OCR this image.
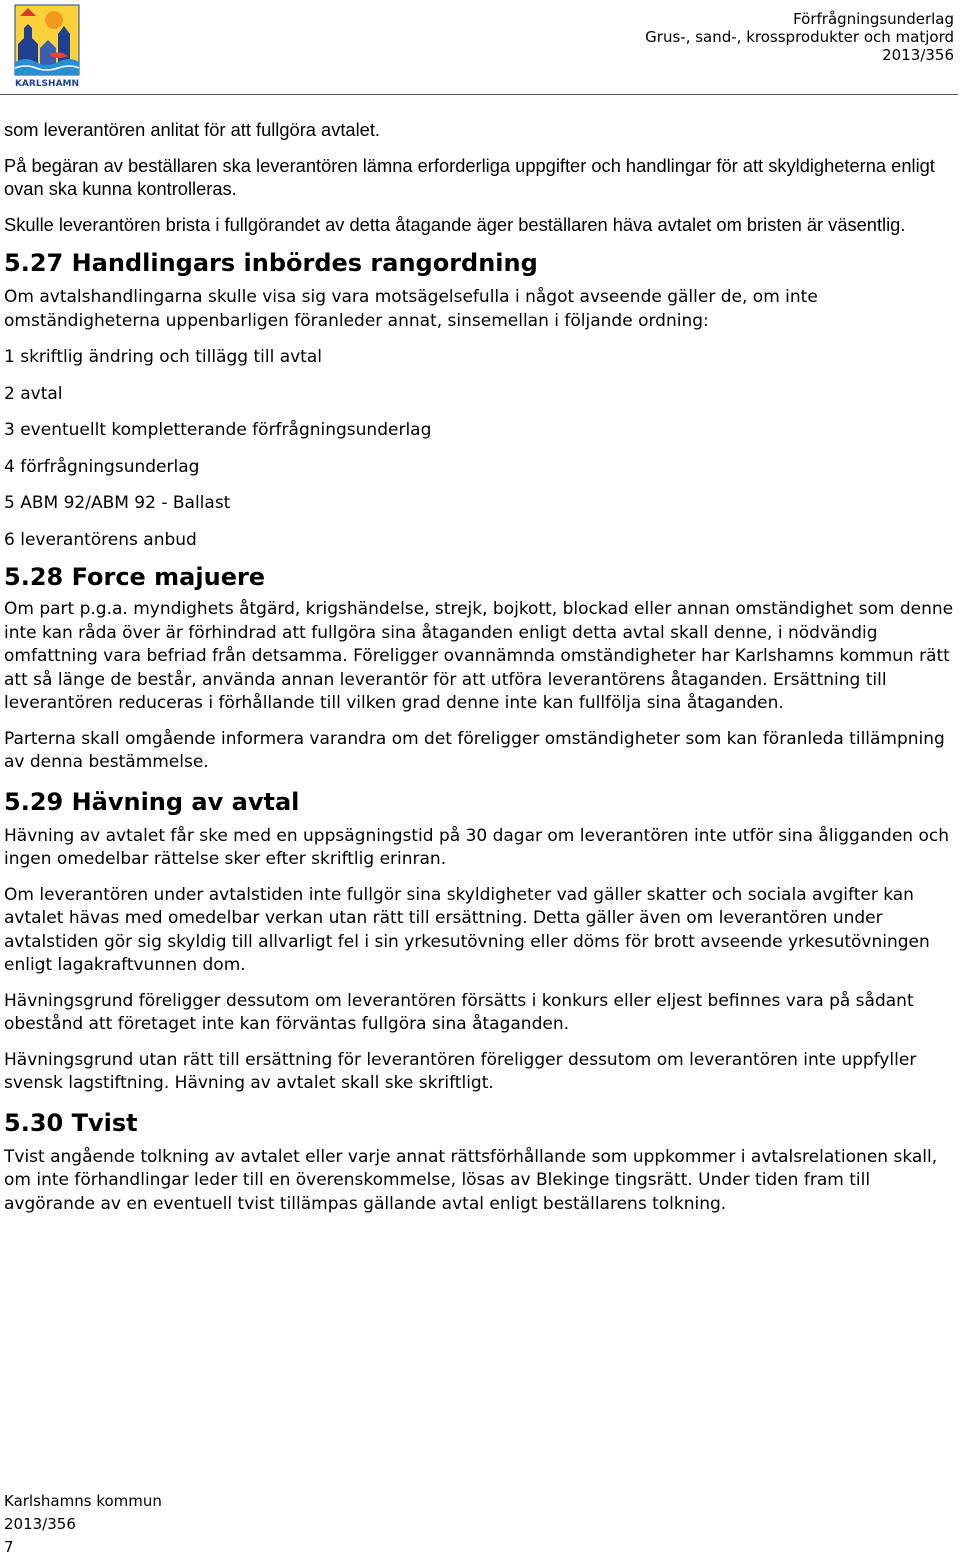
KARLSHAMN
Förfrågningsunderlag
Grus-, sand-, krossprodukter och matjord
2013/356

som leverantören anlitat för att fullgöra avtalet.

På begäran av beställaren ska leverantören lämna erforderliga uppgifter och handlingar för att skyldigheterna enligt ovan ska kunna kontrolleras.

Skulle leverantören brista i fullgörandet av detta åtagande äger beställaren häva avtalet om bristen är väsentlig.

5.27 Handlingars inbördes rangordning

Om avtalshandlingarna skulle visa sig vara motsägelsefulla i något avseende gäller de, om inte omständigheterna uppenbarligen föranleder annat, sinsemellan i följande ordning:

1 skriftlig ändring och tillägg till avtal

2 avtal

3 eventuellt kompletterande förfrågningsunderlag

4 förfrågningsunderlag

5 ABM 92/ABM 92 - Ballast

6 leverantörens anbud

5.28 Force majuere

Om part p.g.a. myndighets åtgärd, krigshändelse, strejk, bojkott, blockad eller annan omständighet som denne inte kan råda över är förhindrad att fullgöra sina åtaganden enligt detta avtal skall denne, i nödvändig omfattning vara befriad från detsamma. Föreligger ovannämnda omständigheter har Karlshamns kommun rätt att så länge de består, använda annan leverantör för att utföra leverantörens åtaganden. Ersättning till leverantören reduceras i förhållande till vilken grad denne inte kan fullfölja sina åtaganden.

Parterna skall omgående informera varandra om det föreligger omständigheter som kan föranleda tillämpning av denna bestämmelse.

5.29 Hävning av avtal

Hävning av avtalet får ske med en uppsägningstid på 30 dagar om leverantören inte utför sina åligganden och ingen omedelbar rättelse sker efter skriftlig erinran.

Om leverantören under avtalstiden inte fullgör sina skyldigheter vad gäller skatter och sociala avgifter kan avtalet hävas med omedelbar verkan utan rätt till ersättning. Detta gäller även om leverantören under avtalstiden gör sig skyldig till allvarligt fel i sin yrkesutövning eller döms för brott avseende yrkesutövningen enligt lagakraftvunnen dom.

Hävningsgrund föreligger dessutom om leverantören försätts i konkurs eller eljest befinnes vara på sådant obestånd att företaget inte kan förväntas fullgöra sina åtaganden.

Hävningsgrund utan rätt till ersättning för leverantören föreligger dessutom om leverantören inte uppfyller svensk lagstiftning. Hävning av avtalet skall ske skriftligt.

5.30 Tvist

Tvist angående tolkning av avtalet eller varje annat rättsförhållande som uppkommer i avtalsrelationen skall, om inte förhandlingar leder till en överenskommelse, lösas av Blekinge tingsrätt. Under tiden fram till avgörande av en eventuell tvist tillämpas gällande avtal enligt beställarens tolkning.

Karlshamns kommun
2013/356
7
